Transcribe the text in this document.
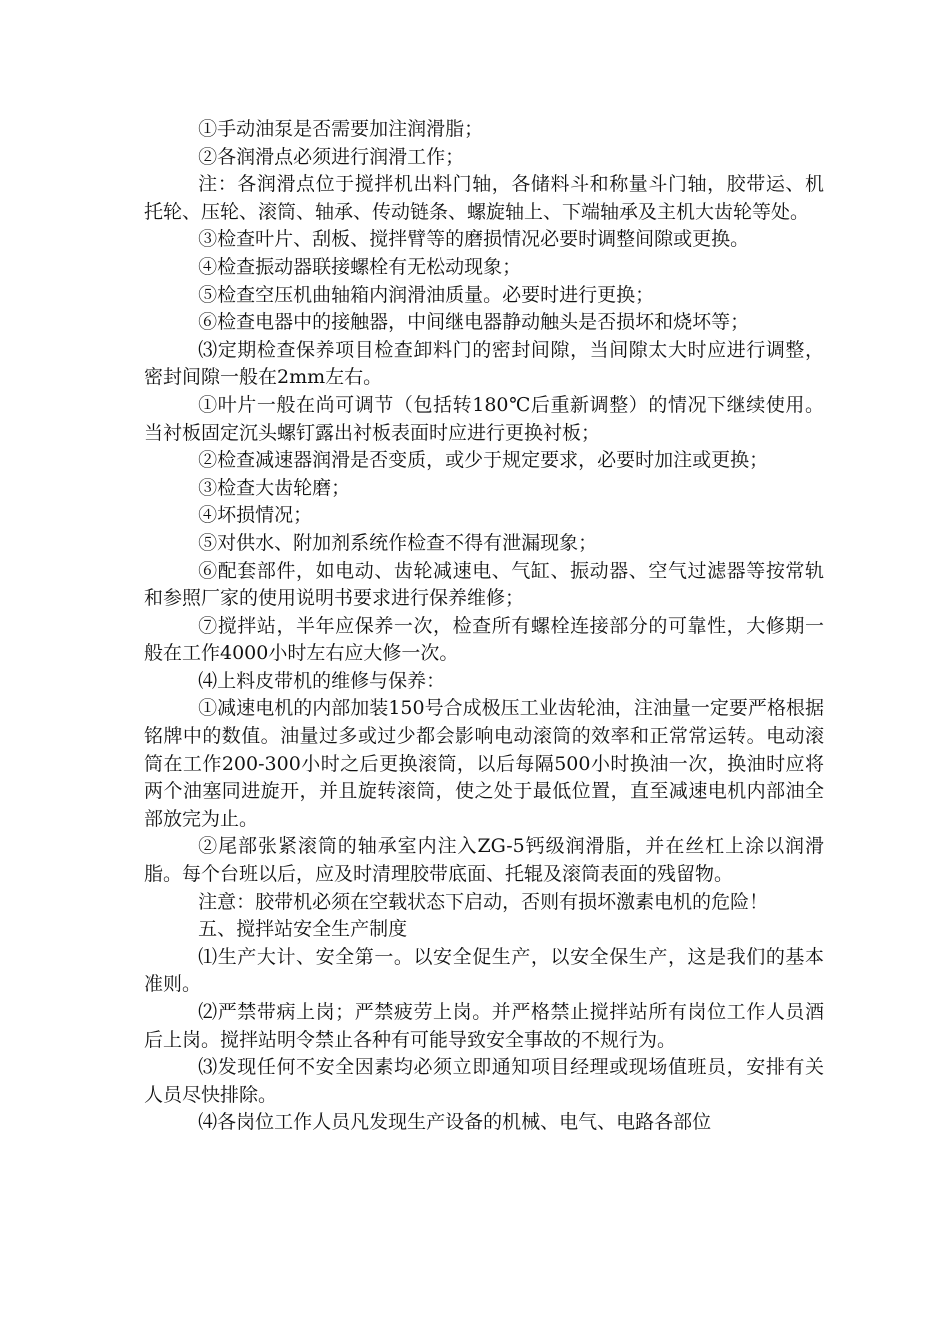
①手动油泵是否需要加注润滑脂；

②各润滑点必须进行润滑工作；

注：各润滑点位于搅拌机出料门轴，各储料斗和称量斗门轴，胶带运、机托轮、压轮、滚筒、轴承、传动链条、螺旋轴上、下端轴承及主机大齿轮等处。

③检查叶片、刮板、搅拌臂等的磨损情况必要时调整间隙或更换。

④检查振动器联接螺栓有无松动现象；

⑤检查空压机曲轴箱内润滑油质量。必要时进行更换；

⑥检查电器中的接触器，中间继电器静动触头是否损坏和烧坏等；

⑶定期检查保养项目检查卸料门的密封间隙，当间隙太大时应进行调整，密封间隙一般在2mm左右。

①叶片一般在尚可调节（包括转180℃后重新调整）的情况下继续使用。当衬板固定沉头螺钉露出衬板表面时应进行更换衬板；

②检查减速器润滑是否变质，或少于规定要求，必要时加注或更换；

③检查大齿轮磨；

④坏损情况；

⑤对供水、附加剂系统作检查不得有泄漏现象；

⑥配套部件，如电动、齿轮减速电、气缸、振动器、空气过滤器等按常轨和参照厂家的使用说明书要求进行保养维修；

⑦搅拌站，半年应保养一次，检查所有螺栓连接部分的可靠性，大修期一般在工作4000小时左右应大修一次。

⑷上料皮带机的维修与保养：

①减速电机的内部加装150号合成极压工业齿轮油，注油量一定要严格根据铭牌中的数值。油量过多或过少都会影响电动滚筒的效率和正常常运转。电动滚筒在工作200-300小时之后更换滚筒，以后每隔500小时换油一次，换油时应将两个油塞同进旋开，并且旋转滚筒，使之处于最低位置，直至减速电机内部油全部放完为止。

②尾部张紧滚筒的轴承室内注入ZG-5钙级润滑脂，并在丝杠上涂以润滑脂。每个台班以后，应及时清理胶带底面、托辊及滚筒表面的残留物。

注意：胶带机必须在空载状态下启动，否则有损坏激素电机的危险！

五、搅拌站安全生产制度

⑴生产大计、安全第一。以安全促生产，以安全保生产，这是我们的基本准则。

⑵严禁带病上岗；严禁疲劳上岗。并严格禁止搅拌站所有岗位工作人员酒后上岗。搅拌站明令禁止各种有可能导致安全事故的不规行为。

⑶发现任何不安全因素均必须立即通知项目经理或现场值班员，安排有关人员尽快排除。

⑷各岗位工作人员凡发现生产设备的机械、电气、电路各部位
